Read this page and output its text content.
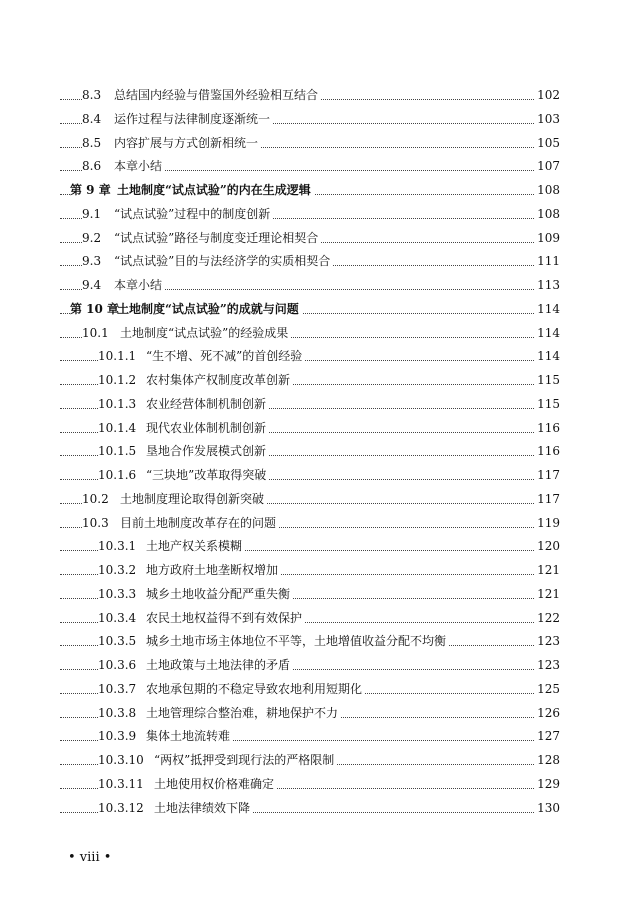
8.3 总结国内经验与借鉴国外经验相互结合	102
8.4 运作过程与法律制度逐渐统一	103
8.5 内容扩展与方式创新相统一	105
8.6 本章小结	107
第 9 章 土地制度“试点试验”的内在生成逻辑	108
9.1 “试点试验”过程中的制度创新	108
9.2 “试点试验”路径与制度变迁理论相契合	109
9.3 “试点试验”目的与法经济学的实质相契合	111
9.4 本章小结	113
第 10 章土地制度“试点试验”的成就与问题	114
10.1 土地制度“试点试验”的经验成果	114
10.1.1 “生不增、死不减”的首创经验	114
10.1.2 农村集体产权制度改革创新	115
10.1.3 农业经营体制机制创新	115
10.1.4 现代农业体制机制创新	116
10.1.5 垦地合作发展模式创新	116
10.1.6 “三块地”改革取得突破	117
10.2 土地制度理论取得创新突破	117
10.3 目前土地制度改革存在的问题	119
10.3.1 土地产权关系模糊	120
10.3.2 地方政府土地垄断权增加	121
10.3.3 城乡土地收益分配严重失衡	121
10.3.4 农民土地权益得不到有效保护	122
10.3.5 城乡土地市场主体地位不平等，土地增值收益分配不均衡	123
10.3.6 土地政策与土地法律的矛盾	123
10.3.7 农地承包期的不稳定导致农地利用短期化	125
10.3.8 土地管理综合整治难，耕地保护不力	126
10.3.9 集体土地流转难	127
10.3.10 “两权”抵押受到现行法的严格限制	128
10.3.11 土地使用权价格难确定	129
10.3.12 土地法律绩效下降	130
• viii •
